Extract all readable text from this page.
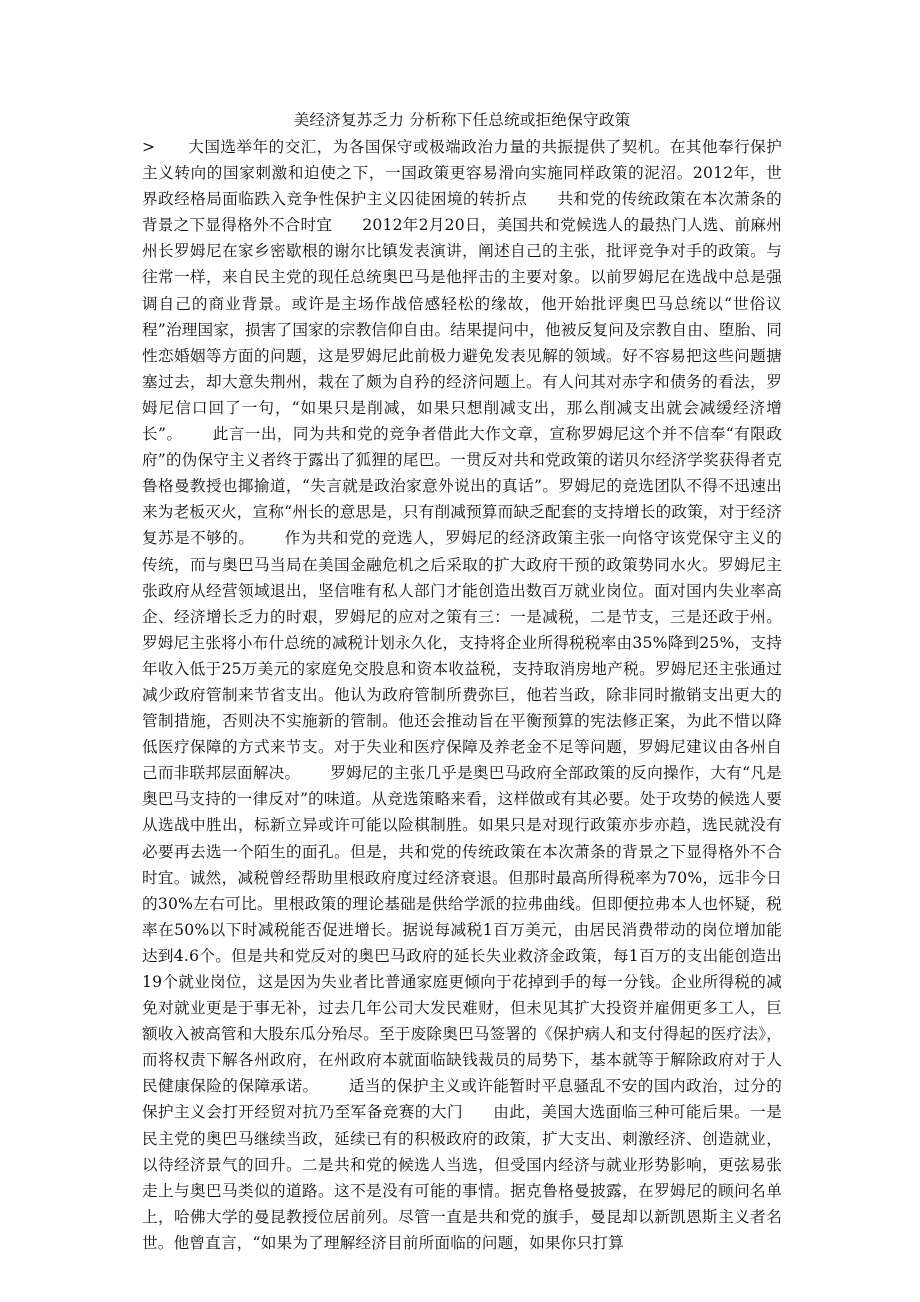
美经济复苏乏力 分析称下任总统或拒绝保守政策

> 大国选举年的交汇，为各国保守或极端政治力量的共振提供了契机。在其他奉行保护主义转向的国家刺激和迫使之下，一国政策更容易滑向实施同样政策的泥沼。2012年，世界政经格局面临跌入竞争性保护主义囚徒困境的转折点 共和党的传统政策在本次萧条的背景之下显得格外不合时宜 2012年2月20日，美国共和党候选人的最热门人选、前麻州州长罗姆尼在家乡密歇根的谢尔比镇发表演讲，阐述自己的主张，批评竞争对手的政策。与往常一样，来自民主党的现任总统奥巴马是他抨击的主要对象。以前罗姆尼在选战中总是强调自己的商业背景。或许是主场作战倍感轻松的缘故，他开始批评奥巴马总统以“世俗议程”治理国家，损害了国家的宗教信仰自由。结果提问中，他被反复问及宗教自由、堕胎、同性恋婚姻等方面的问题，这是罗姆尼此前极力避免发表见解的领域。好不容易把这些问题搪塞过去，却大意失荆州，栽在了颇为自矜的经济问题上。有人问其对赤字和债务的看法，罗姆尼信口回了一句，“如果只是削减，如果只想削减支出，那么削减支出就会减缓经济增长”。 此言一出，同为共和党的竞争者借此大作文章，宣称罗姆尼这个并不信奉“有限政府”的伪保守主义者终于露出了狐狸的尾巴。一贯反对共和党政策的诺贝尔经济学奖获得者克鲁格曼教授也揶揄道，“失言就是政治家意外说出的真话”。罗姆尼的竞选团队不得不迅速出来为老板灭火，宣称“州长的意思是，只有削减预算而缺乏配套的支持增长的政策，对于经济复苏是不够的。 作为共和党的竞选人，罗姆尼的经济政策主张一向恪守该党保守主义的传统，而与奥巴马当局在美国金融危机之后采取的扩大政府干预的政策势同水火。罗姆尼主张政府从经营领域退出，坚信唯有私人部门才能创造出数百万就业岗位。面对国内失业率高企、经济增长乏力的时艰，罗姆尼的应对之策有三：一是减税，二是节支，三是还政于州。罗姆尼主张将小布什总统的减税计划永久化，支持将企业所得税税率由35%降到25%，支持年收入低于25万美元的家庭免交股息和资本收益税，支持取消房地产税。罗姆尼还主张通过减少政府管制来节省支出。他认为政府管制所费弥巨，他若当政，除非同时撤销支出更大的管制措施，否则决不实施新的管制。他还会推动旨在平衡预算的宪法修正案，为此不惜以降低医疗保障的方式来节支。对于失业和医疗保障及养老金不足等问题，罗姆尼建议由各州自己而非联邦层面解决。 罗姆尼的主张几乎是奥巴马政府全部政策的反向操作，大有“凡是奥巴马支持的一律反对”的味道。从竞选策略来看，这样做或有其必要。处于攻势的候选人要从选战中胜出，标新立异或许可能以险棋制胜。如果只是对现行政策亦步亦趋，选民就没有必要再去选一个陌生的面孔。但是，共和党的传统政策在本次萧条的背景之下显得格外不合时宜。诚然，减税曾经帮助里根政府度过经济衰退。但那时最高所得税率为70%，远非今日的30%左右可比。里根政策的理论基础是供给学派的拉弗曲线。但即便拉弗本人也怀疑，税率在50%以下时减税能否促进增长。据说每减税1百万美元，由居民消费带动的岗位增加能达到4.6个。但是共和党反对的奥巴马政府的延长失业救济金政策，每1百万的支出能创造出19个就业岗位，这是因为失业者比普通家庭更倾向于花掉到手的每一分钱。企业所得税的减免对就业更是于事无补，过去几年公司大发民难财，但未见其扩大投资并雇佣更多工人，巨额收入被高管和大股东瓜分殆尽。至于废除奥巴马签署的《保护病人和支付得起的医疗法》，而将权责下解各州政府，在州政府本就面临缺钱裁员的局势下，基本就等于解除政府对于人民健康保险的保障承诺。 适当的保护主义或许能暂时平息骚乱不安的国内政治，过分的保护主义会打开经贸对抗乃至军备竞赛的大门 由此，美国大选面临三种可能后果。一是民主党的奥巴马继续当政，延续已有的积极政府的政策，扩大支出、刺激经济、创造就业，以待经济景气的回升。二是共和党的候选人当选，但受国内经济与就业形势影响，更弦易张走上与奥巴马类似的道路。这不是没有可能的事情。据克鲁格曼披露，在罗姆尼的顾问名单上，哈佛大学的曼昆教授位居前列。尽管一直是共和党的旗手，曼昆却以新凯恩斯主义者名世。他曾直言，“如果为了理解经济目前所面临的问题，如果你只打算
